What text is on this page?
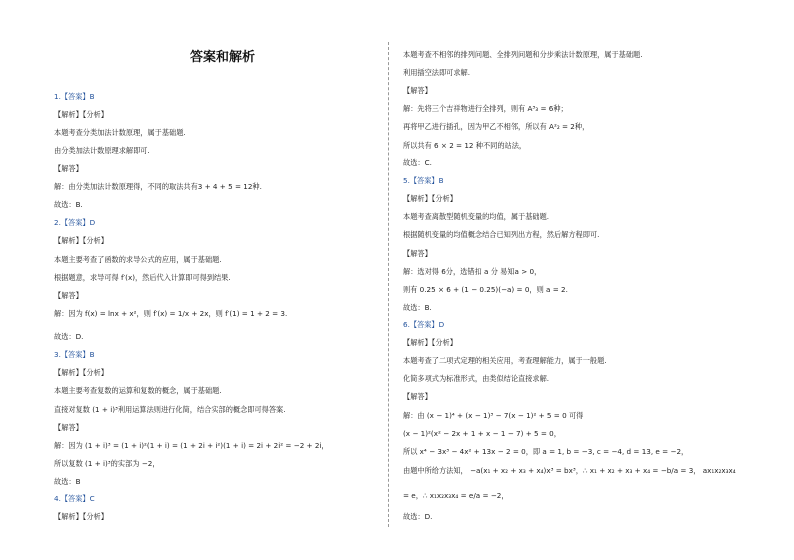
答案和解析
1.【答案】B
【解析】【分析】
本题考查分类加法计数原理，属于基础题.
由分类加法计数原理求解即可.
【解答】
解：由分类加法计数原理得，不同的取法共有3 + 4 + 5 = 12种.
故选：B.
2.【答案】D
【解析】【分析】
本题主要考查了函数的求导公式的应用，属于基础题.
根据题意，求导可得 f′(x)，然后代入计算即可得到结果.
【解答】
解：因为 f(x) = lnx + x²，则 f′(x) = 1/x + 2x，则 f′(1) = 1 + 2 = 3.
故选：D.
3.【答案】B
【解析】【分析】
本题主要考查复数的运算和复数的概念，属于基础题.
直接对复数 (1 + i)³利用运算法则进行化简，结合实部的概念即可得答案.
【解答】
解：因为 (1 + i)³ = (1 + i)²(1 + i) = (1 + 2i + i²)(1 + i) = 2i + 2i² = −2 + 2i，
所以复数 (1 + i)³的实部为 −2，
故选：B
4.【答案】C
【解析】【分析】
本题考查不相邻的排列问题、全排列问题和分步乘法计数原理，属于基础题.
利用插空法即可求解.
【解答】
解：先将三个吉祥物进行全排列，则有 A³₃ = 6种；
再将甲乙进行插孔，因为甲乙不相邻，所以有 A²₂ = 2种，
所以共有 6 × 2 = 12 种不同的站法，
故选：C.
5.【答案】B
【解析】【分析】
本题考查离散型随机变量的均值，属于基础题.
根据随机变量的均值概念结合已知列出方程，然后解方程即可.
【解答】
解：选对得 6分，选错扣 a 分 易知a > 0，
则有 0.25 × 6 + (1 − 0.25)(−a) = 0，则 a = 2.
故选：B.
6.【答案】D
【解析】【分析】
本题考查了二项式定理的相关应用，考查理解能力，属于一般题.
化简多项式为标准形式，由类似结论直接求解.
【解答】
解：由 (x − 1)⁴ + (x − 1)³ − 7(x − 1)² + 5 = 0 可得
(x − 1)²(x² − 2x + 1 + x − 1 − 7) + 5 = 0，
所以 x⁴ − 3x³ − 4x² + 13x − 2 = 0，即 a = 1, b = −3, c = −4, d = 13, e = −2，
由题中所给方法知， −a(x₁ + x₂ + x₃ + x₄)x³ = bx³，∴ x₁ + x₂ + x₃ + x₄ = −b/a = 3， ax₁x₂x₃x₄
= e，∴ x₁x₂x₃x₄ = e/a = −2，
故选：D.
